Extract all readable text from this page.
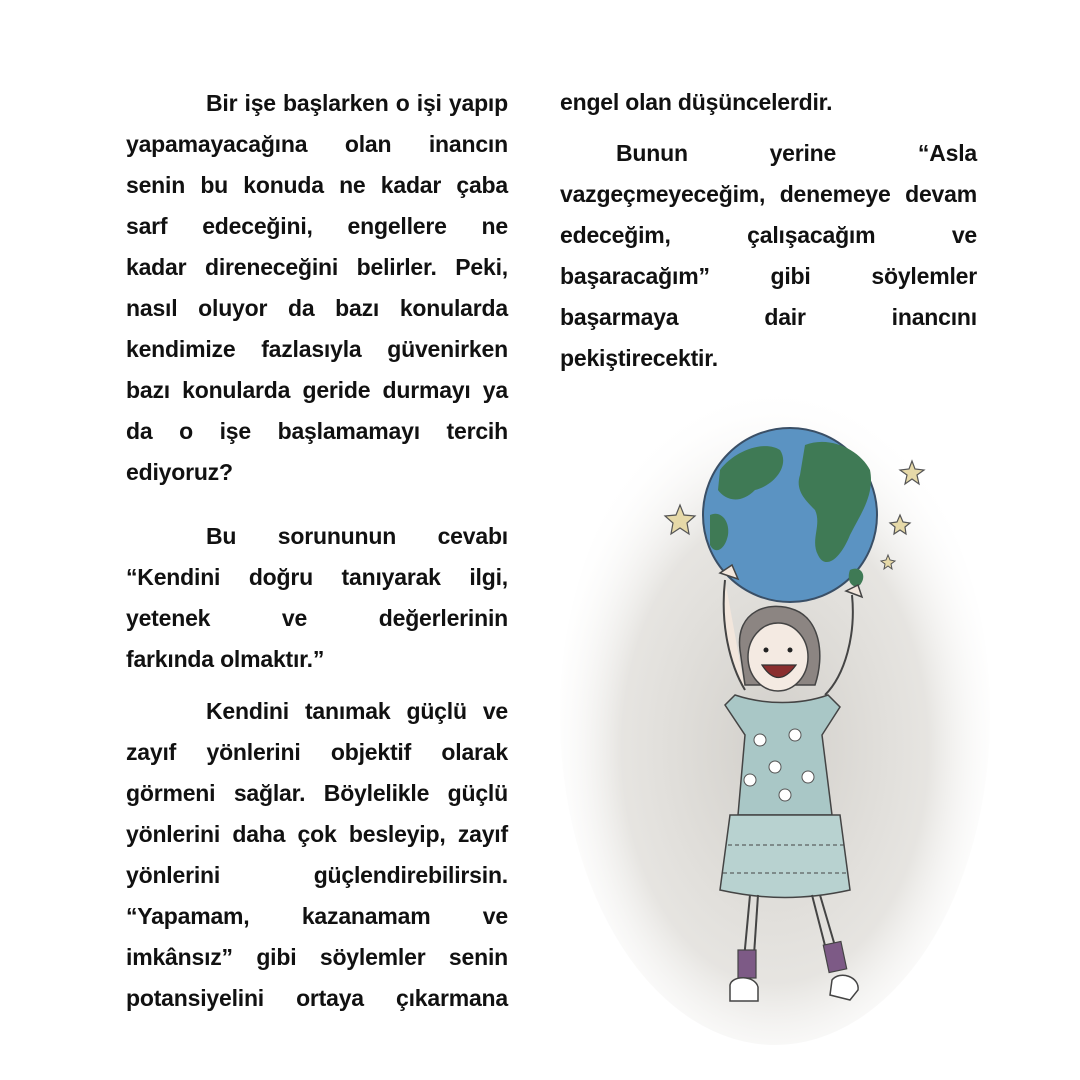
Bir işe başlarken o işi yapıp
yapamayacağına olan inancın
senin bu konuda ne kadar çaba
sarf edeceğini, engellere ne
kadar direneceğini belirler. Peki,
nasıl oluyor da bazı konularda
kendimize fazlasıyla güvenirken
bazı konularda geride durmayı ya
da o işe başlamamayı tercih
ediyoruz?
Bu sorununun cevabı
“Kendini doğru tanıyarak ilgi,
yetenek	ve	değerlerinin
farkında olmaktır.”
Kendini tanımak güçlü ve
zayıf yönlerini objektif olarak
görmeni sağlar. Böylelikle güçlü
yönlerini daha çok besleyip, zayıf
yönlerini	güçlendirebilirsin.
“Yapamam, kazanamam ve
imkânsız” gibi söylemler senin
potansiyelini ortaya çıkarmana
engel olan düşüncelerdir.
Bunun	yerine	“Asla
vazgeçmeyeceğim, denemeye devam
edeceğim,	çalışacağım	ve
başaracağım”	gibi	söylemler
başarmaya	dair	inancını
pekiştirecektir.
